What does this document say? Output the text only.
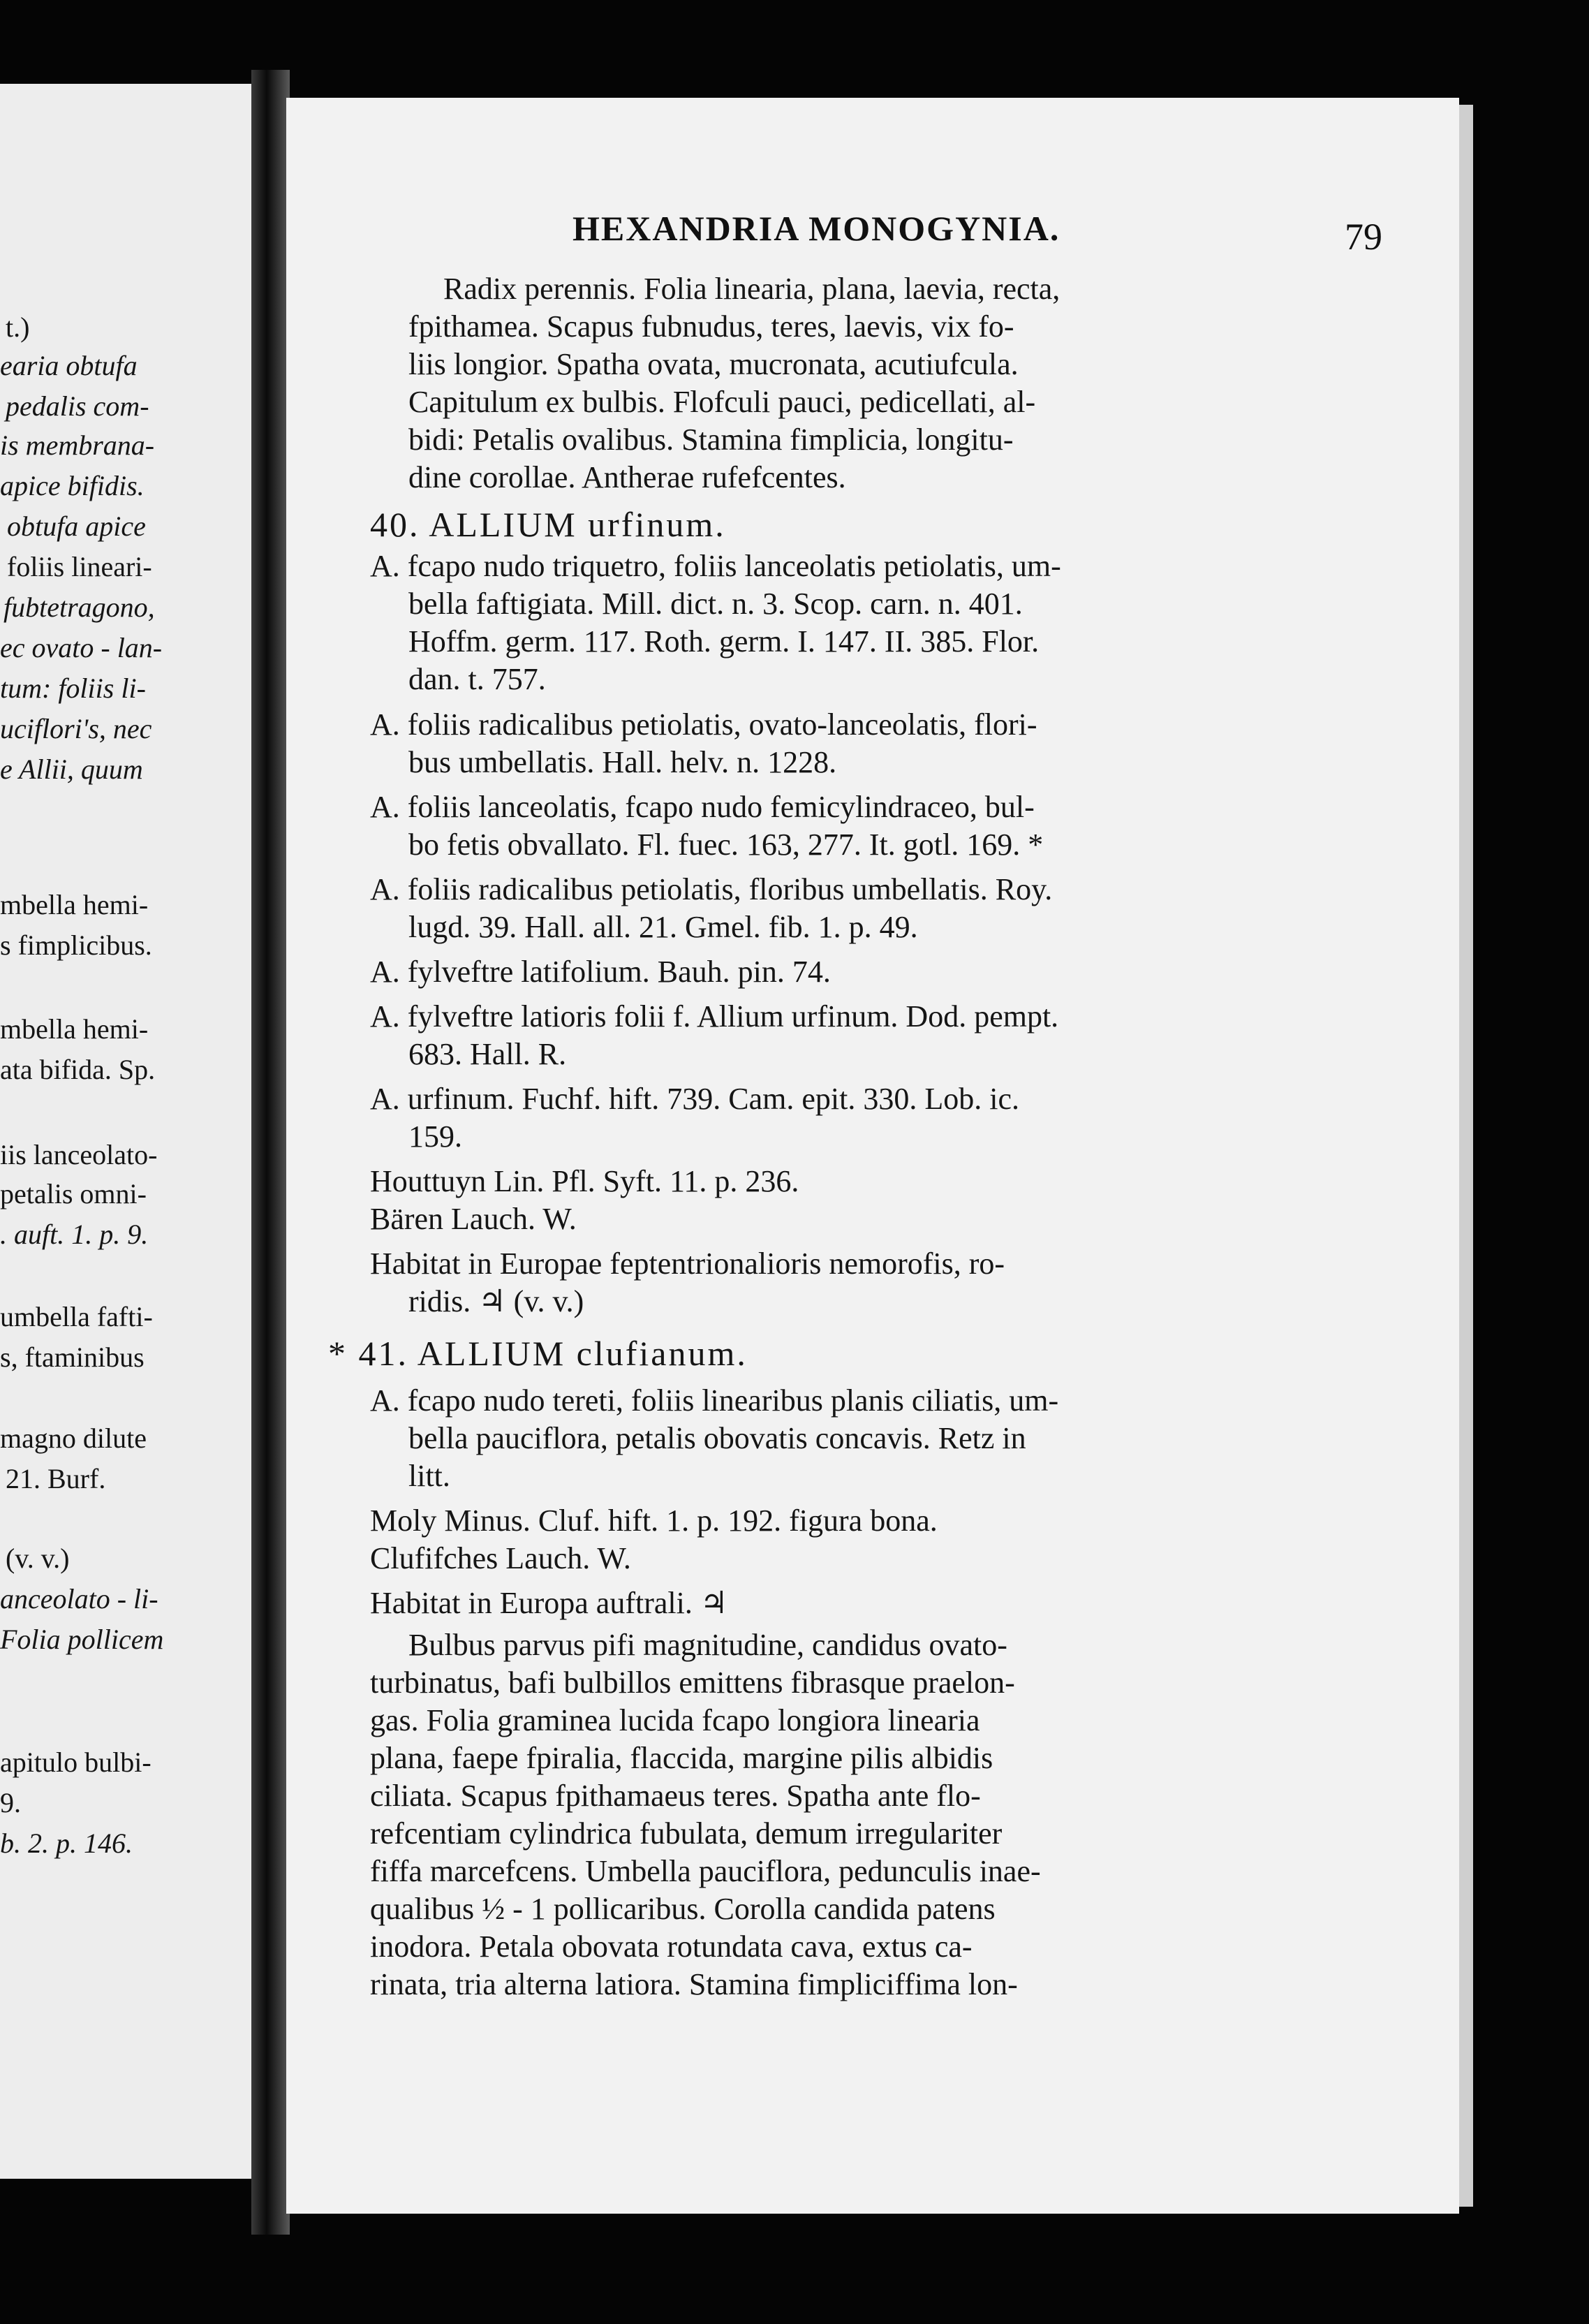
t.)
earia obtufa
pedalis com-
is membrana-
apice bifidis.
obtufa apice
foliis lineari-
fubtetragono,
ec ovato - lan-
tum: foliis li-
uciflori's, nec
e Allii, quum
mbella hemi-
s fimplicibus.
mbella hemi-
ata bifida. Sp.
iis lanceolato-
petalis omni-
. auft. 1. p. 9.
umbella fafti-
s, ftaminibus
magno dilute
21. Burf.
(v. v.)
anceolato - li-
Folia pollicem
apitulo bulbi-
9.
b. 2. p. 146.
HEXANDRIA MONOGYNIA.	79
Radix perennis. Folia linearia, plana, laevia, recta,
fpithamea. Scapus fubnudus, teres, laevis, vix fo-
liis longior. Spatha ovata, mucronata, acutiufcula.
Capitulum ex bulbis. Flofculi pauci, pedicellati, al-
bidi: Petalis ovalibus. Stamina fimplicia, longitu-
dine corollae. Antherae rufefcentes.
40. ALLIUM urfinum.
A. fcapo nudo triquetro, foliis lanceolatis petiolatis, um-
bella faftigiata. Mill. dict. n. 3. Scop. carn. n. 401.
Hoffm. germ. 117. Roth. germ. I. 147. II. 385. Flor.
dan. t. 757.
A. foliis radicalibus petiolatis, ovato-lanceolatis, flori-
bus umbellatis. Hall. helv. n. 1228.
A. foliis lanceolatis, fcapo nudo femicylindraceo, bul-
bo fetis obvallato. Fl. fuec. 163, 277. It. gotl. 169. *
A. foliis radicalibus petiolatis, floribus umbellatis. Roy.
lugd. 39. Hall. all. 21. Gmel. fib. 1. p. 49.
A. fylveftre latifolium. Bauh. pin. 74.
A. fylveftre latioris folii f. Allium urfinum. Dod. pempt.
683. Hall. R.
A. urfinum. Fuchf. hift. 739. Cam. epit. 330. Lob. ic.
159.
Houttuyn Lin. Pfl. Syft. 11. p. 236.
Bären Lauch. W.
Habitat in Europae feptentrionalioris nemorofis, ro-
ridis. ♃ (v. v.)
* 41. ALLIUM clufianum.
A. fcapo nudo tereti, foliis linearibus planis ciliatis, um-
bella pauciflora, petalis obovatis concavis. Retz in
litt.
Moly Minus. Cluf. hift. 1. p. 192. figura bona.
Clufifches Lauch. W.
Habitat in Europa auftrali. ♃
Bulbus parvus pifi magnitudine, candidus ovato-
turbinatus, bafi bulbillos emittens fibrasque praelon-
gas. Folia graminea lucida fcapo longiora linearia
plana, faepe fpiralia, flaccida, margine pilis albidis
ciliata. Scapus fpithamaeus teres. Spatha ante flo-
refcentiam cylindrica fubulata, demum irregulariter
fiffa marcefcens. Umbella pauciflora, pedunculis inae-
qualibus ½ - 1 pollicaribus. Corolla candida patens
inodora. Petala obovata rotundata cava, extus ca-
rinata, tria alterna latiora. Stamina fimpliciffima lon-
